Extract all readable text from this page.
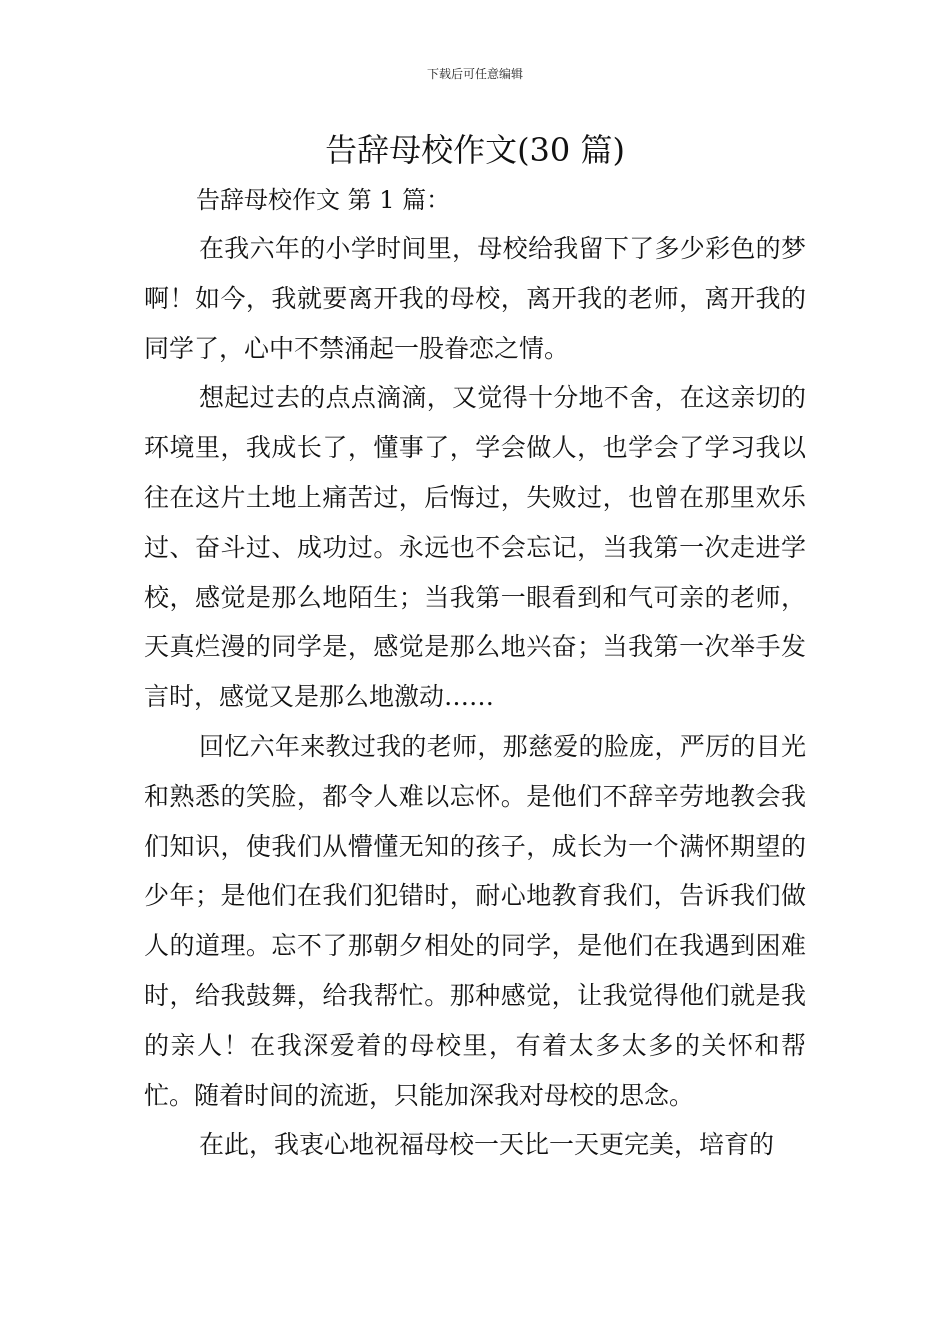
下载后可任意编辑
告辞母校作文(30 篇)
告辞母校作文 第 1 篇：

在我六年的小学时间里，母校给我留下了多少彩色的梦啊！如今，我就要离开我的母校，离开我的老师，离开我的同学了，心中不禁涌起一股眷恋之情。

想起过去的点点滴滴，又觉得十分地不舍，在这亲切的环境里，我成长了，懂事了，学会做人，也学会了学习我以往在这片土地上痛苦过，后悔过，失败过，也曾在那里欢乐过、奋斗过、成功过。永远也不会忘记，当我第一次走进学校，感觉是那么地陌生；当我第一眼看到和气可亲的老师，天真烂漫的同学是，感觉是那么地兴奋；当我第一次举手发言时，感觉又是那么地激动……

回忆六年来教过我的老师，那慈爱的脸庞，严厉的目光和熟悉的笑脸，都令人难以忘怀。是他们不辞辛劳地教会我们知识，使我们从懵懂无知的孩子，成长为一个满怀期望的少年；是他们在我们犯错时，耐心地教育我们，告诉我们做人的道理。忘不了那朝夕相处的同学，是他们在我遇到困难时，给我鼓舞，给我帮忙。那种感觉，让我觉得他们就是我的亲人！在我深爱着的母校里，有着太多太多的关怀和帮忙。随着时间的流逝，只能加深我对母校的思念。

在此，我衷心地祝福母校一天比一天更完美，培育的
